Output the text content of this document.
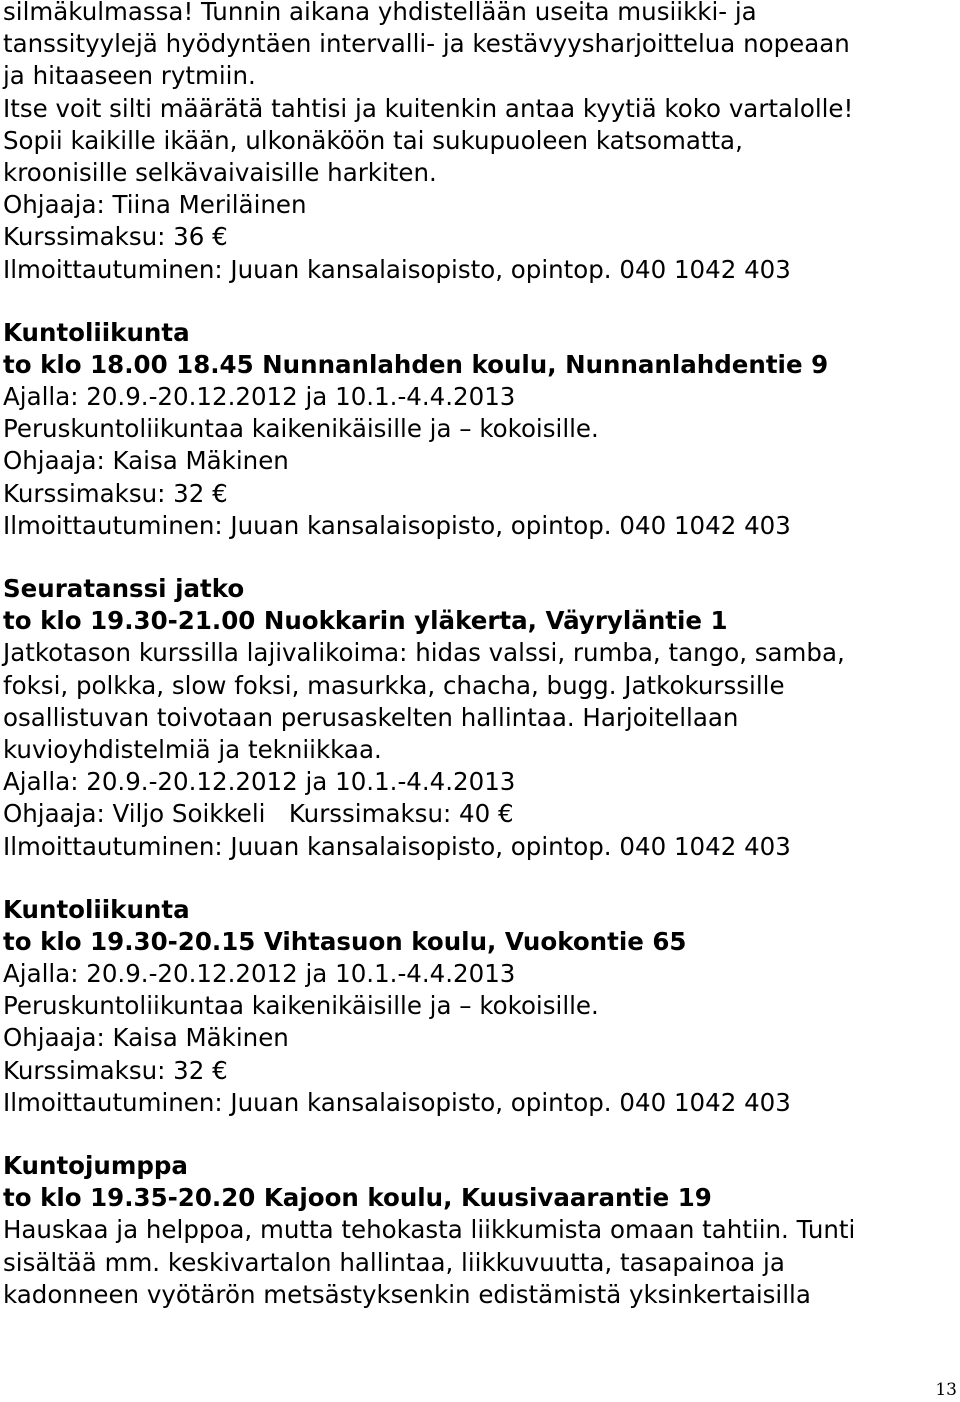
silmäkulmassa! Tunnin aikana yhdistellään useita musiikki- ja
tanssityylejä hyödyntäen intervalli- ja kestävyysharjoittelua nopeaan
ja hitaaseen rytmiin.
Itse voit silti määrätä tahtisi ja kuitenkin antaa kyytiä koko vartalolle!
Sopii kaikille ikään, ulkonäköön tai sukupuoleen katsomatta,
kroonisille selkävaivaisille harkiten.
Ohjaaja: Tiina Meriläinen
Kurssimaksu: 36 €
Ilmoittautuminen: Juuan kansalaisopisto, opintop. 040 1042 403
Kuntoliikunta
to klo 18.00 18.45 Nunnanlahden koulu, Nunnanlahdentie 9
Ajalla: 20.9.-20.12.2012 ja 10.1.-4.4.2013
Peruskuntoliikuntaa kaikenikäisille ja – kokoisille.
Ohjaaja: Kaisa Mäkinen
Kurssimaksu: 32 €
Ilmoittautuminen: Juuan kansalaisopisto, opintop. 040 1042 403
Seuratanssi jatko
to klo 19.30-21.00 Nuokkarin yläkerta, Väyryläntie 1
Jatkotason kurssilla lajivalikoima: hidas valssi, rumba, tango, samba,
foksi, polkka, slow foksi, masurkka, chacha, bugg. Jatkokurssille
osallistuvan toivotaan perusaskelten hallintaa. Harjoitellaan
kuvioyhdistelmiä ja tekniikkaa.
Ajalla: 20.9.-20.12.2012 ja 10.1.-4.4.2013
Ohjaaja: Viljo Soikkeli   Kurssimaksu: 40 €
Ilmoittautuminen: Juuan kansalaisopisto, opintop. 040 1042 403
Kuntoliikunta
to klo 19.30-20.15 Vihtasuon koulu, Vuokontie 65
Ajalla: 20.9.-20.12.2012 ja 10.1.-4.4.2013
Peruskuntoliikuntaa kaikenikäisille ja – kokoisille.
Ohjaaja: Kaisa Mäkinen
Kurssimaksu: 32 €
Ilmoittautuminen: Juuan kansalaisopisto, opintop. 040 1042 403
Kuntojumppa
to klo 19.35-20.20 Kajoon koulu, Kuusivaarantie 19
Hauskaa ja helppoa, mutta tehokasta liikkumista omaan tahtiin. Tunti
sisältää mm. keskivartalon hallintaa, liikkuvuutta, tasapainoa ja
kadonneen vyötärön metsästyksenkin edistämistä yksinkertaisilla
13
